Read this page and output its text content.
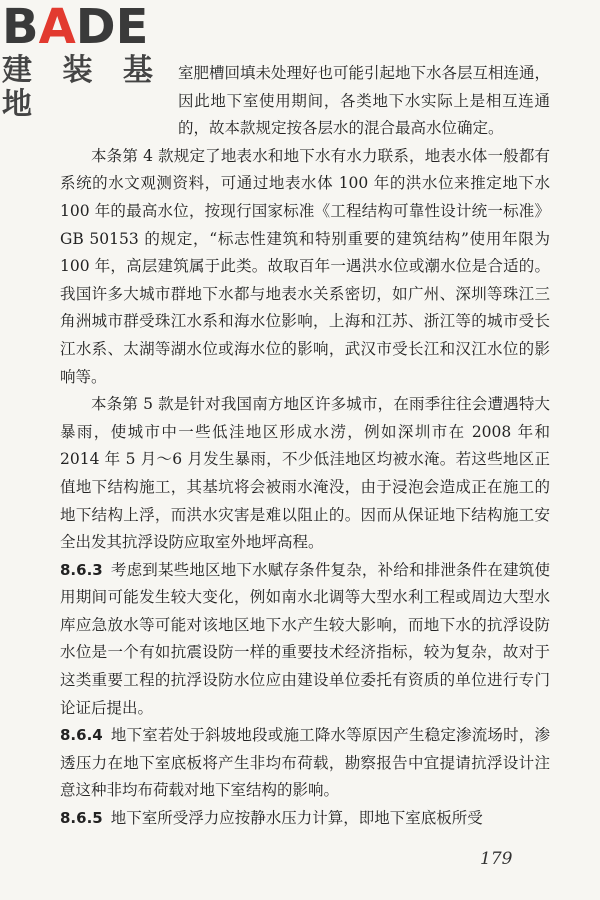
BADE
建 装 基 地

室肥槽回填未处理好也可能引起地下水各层互相连通，因此地下室使用期间，各类地下水实际上是相互连通的，故本款规定按各层水的混合最高水位确定。

本条第 4 款规定了地表水和地下水有水力联系，地表水体一般都有系统的水文观测资料，可通过地表水体 100 年的洪水位来推定地下水 100 年的最高水位，按现行国家标准《工程结构可靠性设计统一标准》GB 50153 的规定，“标志性建筑和特别重要的建筑结构”使用年限为 100 年，高层建筑属于此类。故取百年一遇洪水位或潮水位是合适的。我国许多大城市群地下水都与地表水关系密切，如广州、深圳等珠江三角洲城市群受珠江水系和海水位影响，上海和江苏、浙江等的城市受长江水系、太湖等湖水位或海水位的影响，武汉市受长江和汉江水位的影响等。

本条第 5 款是针对我国南方地区许多城市，在雨季往往会遭遇特大暴雨，使城市中一些低洼地区形成水涝，例如深圳市在 2008 年和 2014 年 5 月～6 月发生暴雨，不少低洼地区均被水淹。若这些地区正值地下结构施工，其基坑将会被雨水淹没，由于浸泡会造成正在施工的地下结构上浮，而洪水灾害是难以阻止的。因而从保证地下结构施工安全出发其抗浮设防应取室外地坪高程。

8.6.3 考虑到某些地区地下水赋存条件复杂，补给和排泄条件在建筑使用期间可能发生较大变化，例如南水北调等大型水利工程或周边大型水库应急放水等可能对该地区地下水产生较大影响，而地下水的抗浮设防水位是一个有如抗震设防一样的重要技术经济指标，较为复杂，故对于这类重要工程的抗浮设防水位应由建设单位委托有资质的单位进行专门论证后提出。

8.6.4 地下室若处于斜坡地段或施工降水等原因产生稳定渗流场时，渗透压力在地下室底板将产生非均布荷载，勘察报告中宜提请抗浮设计注意这种非均布荷载对地下室结构的影响。

8.6.5 地下室所受浮力应按静水压力计算，即地下室底板所受

179
